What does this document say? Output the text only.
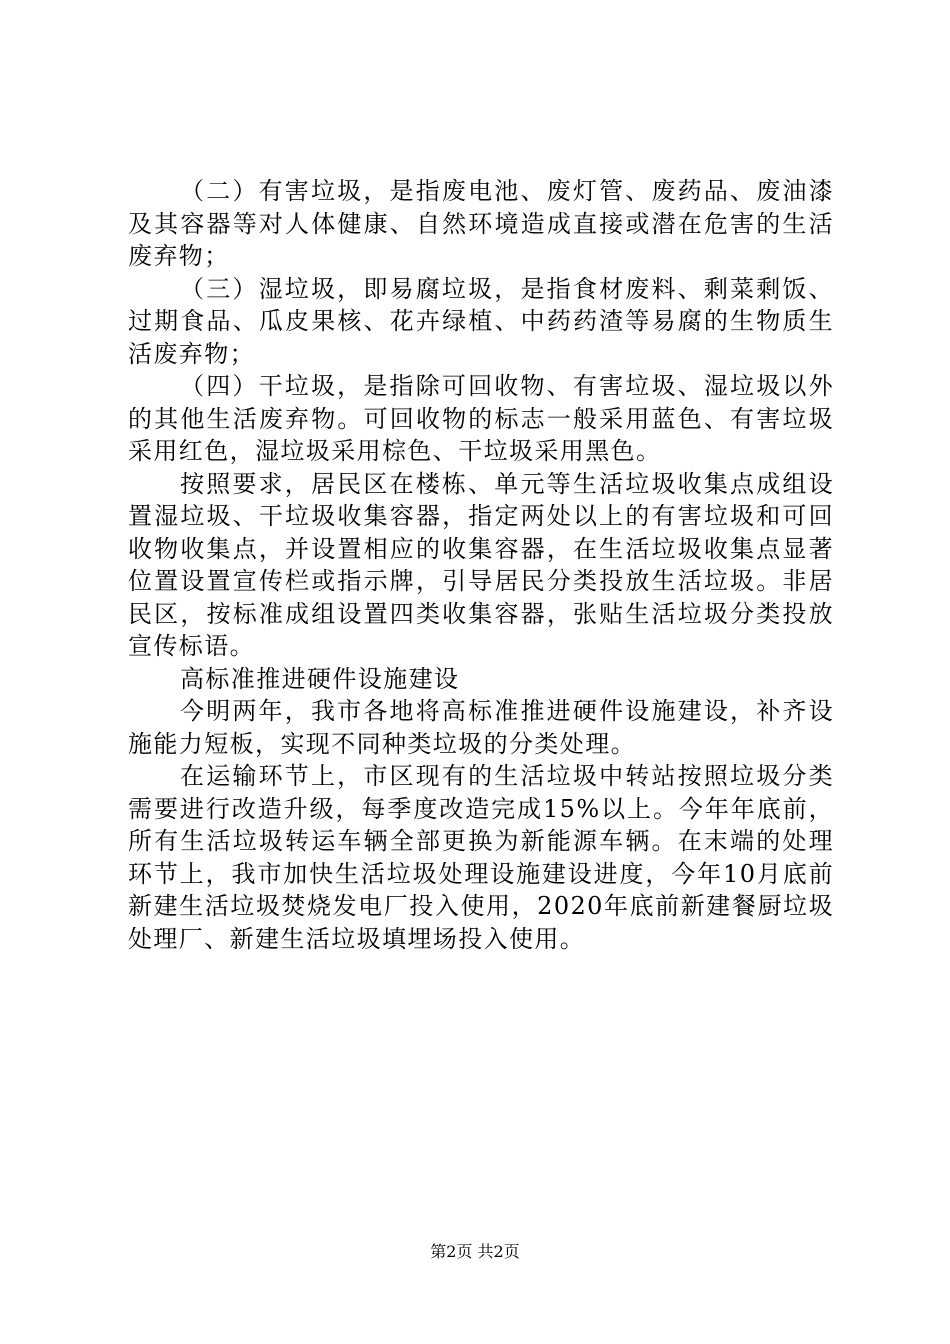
（二）有害垃圾，是指废电池、废灯管、废药品、废油漆及其容器等对人体健康、自然环境造成直接或潜在危害的生活废弃物；

（三）湿垃圾，即易腐垃圾，是指食材废料、剩菜剩饭、过期食品、瓜皮果核、花卉绿植、中药药渣等易腐的生物质生活废弃物；

（四）干垃圾，是指除可回收物、有害垃圾、湿垃圾以外的其他生活废弃物。可回收物的标志一般采用蓝色、有害垃圾采用红色，湿垃圾采用棕色、干垃圾采用黑色。

按照要求，居民区在楼栋、单元等生活垃圾收集点成组设置湿垃圾、干垃圾收集容器，指定两处以上的有害垃圾和可回收物收集点，并设置相应的收集容器，在生活垃圾收集点显著位置设置宣传栏或指示牌，引导居民分类投放生活垃圾。非居民区，按标准成组设置四类收集容器，张贴生活垃圾分类投放宣传标语。

高标准推进硬件设施建设

今明两年，我市各地将高标准推进硬件设施建设，补齐设施能力短板，实现不同种类垃圾的分类处理。

在运输环节上，市区现有的生活垃圾中转站按照垃圾分类需要进行改造升级，每季度改造完成15%以上。今年年底前，所有生活垃圾转运车辆全部更换为新能源车辆。在末端的处理环节上，我市加快生活垃圾处理设施建设进度，今年10月底前新建生活垃圾焚烧发电厂投入使用，2020年底前新建餐厨垃圾处理厂、新建生活垃圾填埋场投入使用。

第2页 共2页
